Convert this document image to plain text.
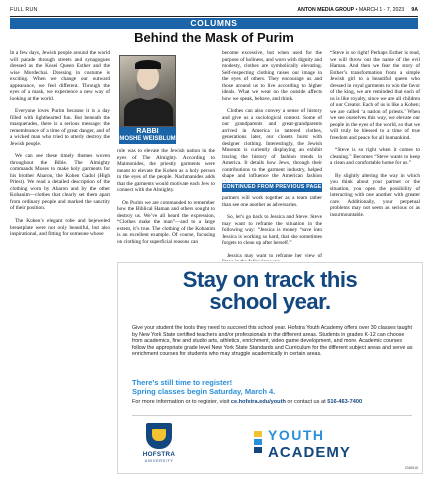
FULL RUN	ANTON MEDIA GROUP • MARCH 1 - 7, 2023 9A
COLUMNS
Behind the Mask of Purim

In a few days, Jewish people around the world will parade through streets and synagogues dressed as the Kosei Queen Esther and the wise Mordechai. Dressing in costume is exciting. When we change our outward appearance, we feel different. Through the eyes of a mask, we experience a new way of looking at the world.

Everyone loves Purim because it is a day filled with lighthearted fun. But beneath the masquerades, there is a serious message: the remembrance of a time of great danger, and of a wicked man who tried to utterly destroy the Jewish people.

We can see these timely themes woven throughout the Bible. The Almighty commands Moses to make holy garments for his brother Aharon, the Kohen Gadol (High Priest). We read a detailed description of the clothing worn by Aharon and by the other Kohanim—clothes that clearly set them apart from ordinary people and marked the sanctity of their position.

The Kohen’s elegant robe and bejeweled breastplate were not only beautiful, but also inspirational, and fitting for someone whose

RABBI
MOSHE WEISBLUM

role was to elevate the Jewish nation in the eyes of The Almighty. According to Maimonides, the priestly garments were meant to elevate the Kohen as a holy person in the eyes of the people. Nachmanides adds that the garments would motivate each Jew to connect with the Almighty.

On Purim we are commanded to remember how the Biblical Haman and others sought to destroy us. We’ve all heard the expression, “Clothes make the man”—and to a large extent, it’s true. The clothing of the Kohanim is an excellent example. Of course, focusing on clothing for superficial reasons can

become excessive, but when used for the purpose of holiness, and worn with dignity and modesty, clothes are symbolically elevating. Self-respecting clothing raises our image in the eyes of others. They encourage us and those around us to live according to higher ideals. What we wear on the outside affects how we speak, behave, and think.

Clothes can also convey a sense of history and give us a sociological context. Some of our grandparents and great-grandparents arrived in America in tattered clothes, generations later, our closets burst with designer clothing. Interestingly, the Jewish Museum is currently displaying an exhibit tracing the history of fashion trends in America. It details how Jews, through their contributions to the garment industry, helped shape and influence the American fashion

CONTINUED FROM PREVIOUS PAGE

partners will work together as a team rather than see one another as adversaries.

So, let’s go back to Jessica and Steve. Steve may want to reframe the situation in the following way: “Jessica is money “save into Jessica is working so hard, that she sometimes forgets to clean up after herself.”

Jessica may want to reframe her view of

“Steve is so right! Perhaps Esther is read, we will throw out the name of the evil Haman. And then we fear the story of Esther’s transformation from a simple Jewish girl to a beautiful queen who dressed in royal garments to win the favor of the king, we are reminded that each of us is like royalty, since we are all children of our Creator. Each of us is like a Kohen; we are called ‘a nation of priests.’ When we see ourselves this way, we elevate our people in the eyes of the world, so that we will truly be blessed to a time of true freedom and peace for all humankind.

“Steve is so right when it comes to cleaning.” Becomes “Steve wants to keep a clean and comfortable home for us.”

By slightly altering the way in which you think about your partner or the situation, you open the possibility of interacting with one another with greater care. Additionally, your perpetual problems may not seem as serious or as insurmountable.

Stay on track this school year.
Give your student the tools they need to succeed this school year. Hofstra Youth Academy offers over 30 classes taught by New York State certified teachers and/or professionals in the different areas. Students in grades K-12 can choose from academics, fine and studio arts, athletics, enrichment, video game development, and more. Academic courses follow the appropriate grade level New York State Standards and Curriculum for the different subject areas and serve as enrichment courses for students who may struggle academically in certain areas.
There’s still time to register!
Spring classes begin Saturday, March 4.
For more information or to register, visit ce.hofstra.edu/youth or contact us at 516-463-7400
HOFSTRA
UNIVERSITY
YOUTH
ACADEMY
2366518
